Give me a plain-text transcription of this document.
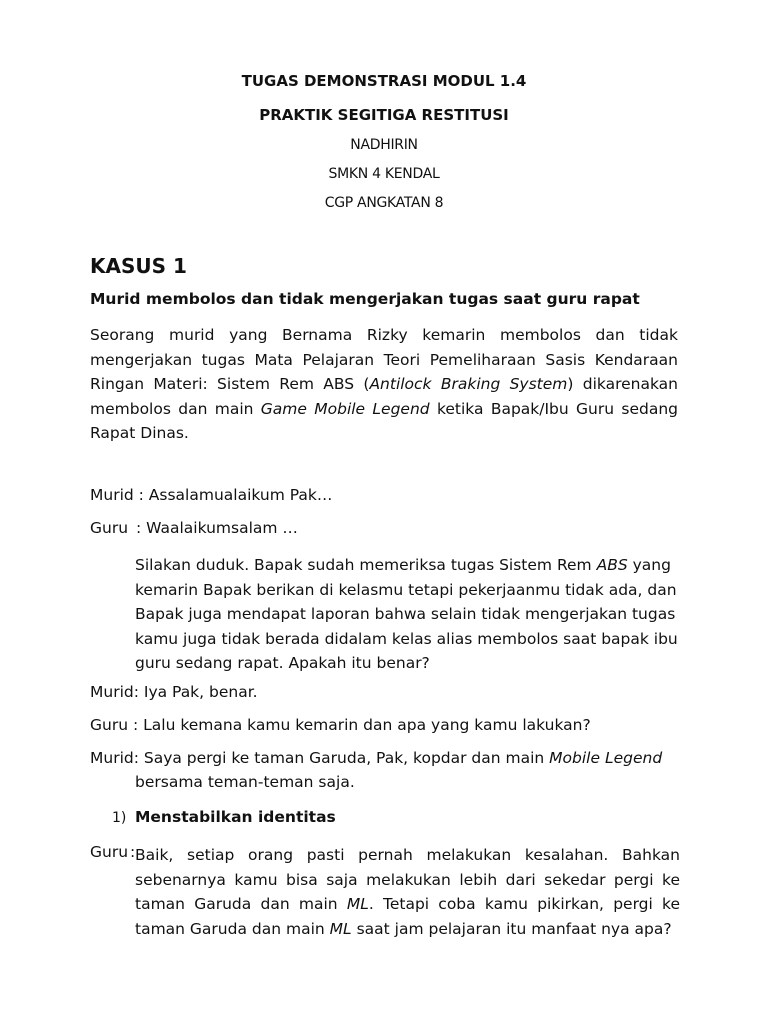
TUGAS DEMONSTRASI MODUL 1.4
PRAKTIK SEGITIGA RESTITUSI
NADHIRIN
SMKN 4 KENDAL
CGP ANGKATAN 8
KASUS 1
Murid membolos dan tidak mengerjakan tugas saat guru rapat
Seorang murid yang Bernama Rizky kemarin membolos dan tidak mengerjakan tugas Mata Pelajaran Teori Pemeliharaan Sasis Kendaraan Ringan Materi: Sistem Rem ABS (Antilock Braking System) dikarenakan membolos dan main Game Mobile Legend ketika Bapak/Ibu Guru sedang Rapat Dinas.
Murid : Assalamualaikum Pak…
Guru : Waalaikumsalam …
Silakan duduk. Bapak sudah memeriksa tugas Sistem Rem ABS yang kemarin Bapak berikan di kelasmu tetapi pekerjaanmu tidak ada, dan Bapak juga mendapat laporan bahwa selain tidak mengerjakan tugas kamu juga tidak berada didalam kelas alias membolos saat bapak ibu guru sedang rapat. Apakah itu benar?
Murid: Iya Pak, benar.
Guru : Lalu kemana kamu kemarin dan apa yang kamu lakukan?
Murid: Saya pergi ke taman Garuda, Pak, kopdar dan main Mobile Legend
bersama teman-teman saja.
1) Menstabilkan identitas
Guru : Baik, setiap orang pasti pernah melakukan kesalahan. Bahkan sebenarnya kamu bisa saja melakukan lebih dari sekedar pergi ke taman Garuda dan main ML. Tetapi coba kamu pikirkan, pergi ke taman Garuda dan main ML saat jam pelajaran itu manfaat nya apa?
